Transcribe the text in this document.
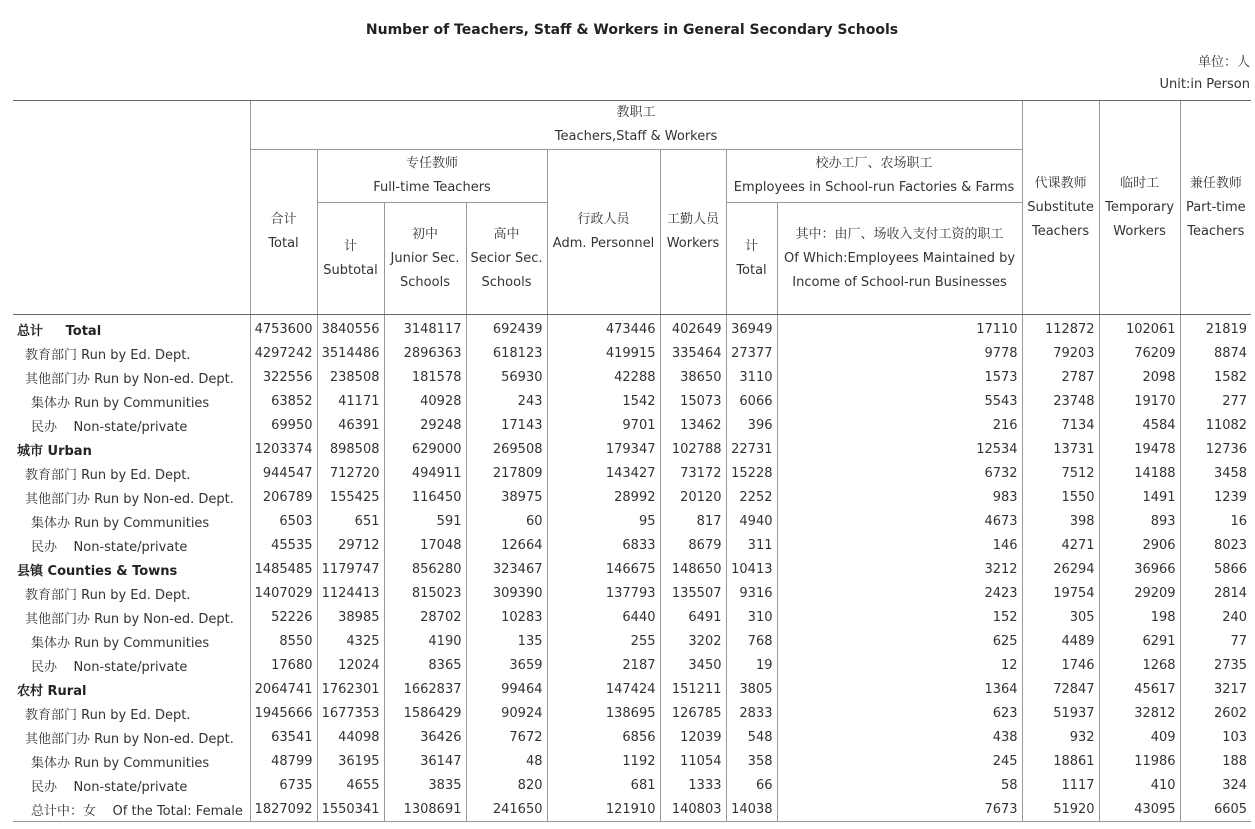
Number of Teachers, Staff & Workers in General Secondary Schools
单位：人
Unit:in Person
	教职工
Teachers,Staff & Workers								代课教师
Substitute Teachers	临时工
Temporary Workers	兼任教师
Part-time Teachers
	合计
Total	专任教师
Full-time Teachers			行政人员
Adm. Personnel	工勤人员
Workers	校办工厂、农场职工
Employees in School-run Factories & Farms				
		计
Subtotal	初中
Junior Sec. Schools	高中
Secior Sec. Schools			计
Total	其中：由厂、场收入支付工资的职工
Of Which:Employees Maintained by Income of School-run Businesses			
总计     Total	4753600	3840556	3148117	692439	473446	402649	36949	17110	112872	102061	21819
教育部门 Run by Ed. Dept.	4297242	3514486	2896363	618123	419915	335464	27377	9778	79203	76209	8874
其他部门办 Run by Non-ed. Dept.	322556	238508	181578	56930	42288	38650	3110	1573	2787	2098	1582
集体办 Run by Communities	63852	41171	40928	243	1542	15073	6066	5543	23748	19170	277
民办    Non-state/private	69950	46391	29248	17143	9701	13462	396	216	7134	4584	11082
城市 Urban	1203374	898508	629000	269508	179347	102788	22731	12534	13731	19478	12736
教育部门 Run by Ed. Dept.	944547	712720	494911	217809	143427	73172	15228	6732	7512	14188	3458
其他部门办 Run by Non-ed. Dept.	206789	155425	116450	38975	28992	20120	2252	983	1550	1491	1239
集体办 Run by Communities	6503	651	591	60	95	817	4940	4673	398	893	16
民办    Non-state/private	45535	29712	17048	12664	6833	8679	311	146	4271	2906	8023
县镇 Counties & Towns	1485485	1179747	856280	323467	146675	148650	10413	3212	26294	36966	5866
教育部门 Run by Ed. Dept.	1407029	1124413	815023	309390	137793	135507	9316	2423	19754	29209	2814
其他部门办 Run by Non-ed. Dept.	52226	38985	28702	10283	6440	6491	310	152	305	198	240
集体办 Run by Communities	8550	4325	4190	135	255	3202	768	625	4489	6291	77
民办    Non-state/private	17680	12024	8365	3659	2187	3450	19	12	1746	1268	2735
农村 Rural	2064741	1762301	1662837	99464	147424	151211	3805	1364	72847	45617	3217
教育部门 Run by Ed. Dept.	1945666	1677353	1586429	90924	138695	126785	2833	623	51937	32812	2602
其他部门办 Run by Non-ed. Dept.	63541	44098	36426	7672	6856	12039	548	438	932	409	103
集体办 Run by Communities	48799	36195	36147	48	1192	11054	358	245	18861	11986	188
民办    Non-state/private	6735	4655	3835	820	681	1333	66	58	1117	410	324
总计中：女    Of the Total: Female	1827092	1550341	1308691	241650	121910	140803	14038	7673	51920	43095	6605
